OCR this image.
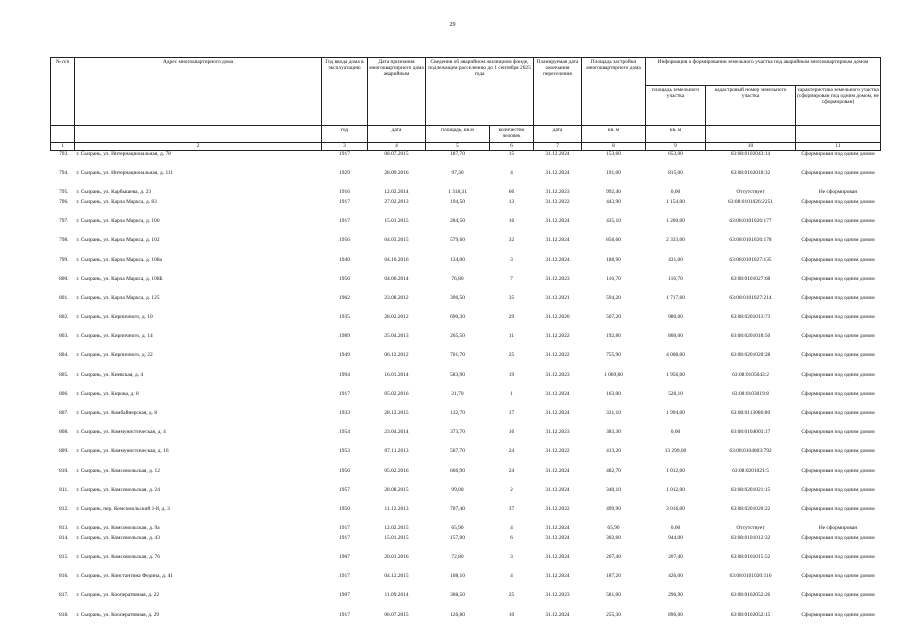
29
№ п/п	Адрес многоквартирного дома	Год ввода дома в эксплуатацию	Дата признания многоквартирного дома аварийным	Сведения об аварийном жилищном фонде, подлежащем расселению до 1 сентября 2025 года		Планируемая дата окончания переселения	Площадь застройки многоквартирного дома	Информация о формировании земельного участка под аварийным многоквартирным домом		
								площадь земельного участка	кадастровый номер земельного участка	характеристика земельного участка (сформирован под одним домом, не сформирован)
		год	дата	площадь, кв.м	количество человек	дата	кв. м	кв. м		
1	2	3	4	5	6	7	8	9	10	11
793.	г. Сызрань, ул. Интернациональная, д. 78	1917	08.07.2015	187,70	15	31.12.2024	153,60	653,00	63:08:0102043:14	Сформирован под одним домом
794.	г. Сызрань, ул. Интернациональная, д. 111	1929	28.09.2016	97,30	4	31.12.2024	191,00	815,00	63:08:0102018:32	Сформирован под одним домом
795.	г. Сызрань, ул. Карбышева, д. 23	1916	12.02.2014	1 318,31	66	31.12.2023	992,40	0,00	Отсутствует	Не сформирован
796.	г. Сызрань, ул. Карла Маркса, д. 83	1917	27.02.2013	194,50	13	31.12.2022	443,90	1 154,00	63:08:0101026:2251	Сформирован под одним домом
797.	г. Сызрань, ул. Карла Маркса, д. 100	1917	15.01.2015	284,50	16	31.12.2024	435,10	1 200,00	63:08:0101026:177	Сформирован под одним домом
798.	г. Сызрань, ул. Карла Маркса, д. 102	1956	04.03.2015	579,60	32	31.12.2024	856,60	2 333,00	63:08:0101026:178	Сформирован под одним домом
799.	г. Сызрань, ул. Карла Маркса, д. 108а	1940	04.10.2016	134,00	3	31.12.2024	188,90	431,00	63:08:0101027:135	Сформирован под одним домом
800.	г. Сызрань, ул. Карла Маркса, д. 108Б	1956	04.06.2014	76,80	7	31.12.2023	116,70	116,70	63:08:0101027:68	Сформирован под одним домом
801.	г. Сызрань, ул. Карла Маркса, д. 125	1962	23.08.2012	396,50	35	31.12.2021	594,20	1 717,60	63:08:0101027:214	Сформирован под одним домом
802.	г. Сызрань, ул. Кирпичного, д. 10	1935	28.02.2012	690,30	29	31.12.2020	507,20	980,00	63:08:0201013:73	Сформирован под одним домом
803.	г. Сызрань, ул. Кирпичного, д. 14	1989	25.04.2013	265,50	11	31.12.2022	192,80	800,00	63:08:0201018:50	Сформирован под одним домом
804.	г. Сызрань, ул. Кирпичного, д. 22	1949	06.12.2012	701,70	25	31.12.2022	755,90	4 008,00	63:08:0201020:28	Сформирован под одним домом
805.	г. Сызрань, ул. Киевская, д. 4	1994	16.01.2014	583,90	19	31.12.2023	1 069,80	1 956,00	63:08:0105043:2	Сформирован под одним домом
806.	г. Сызрань, ул. Кирова, д. 8	1917	05.02.2016	21,70	1	31.12.2024	163,00	528,10	63:08:0103019:8	Сформирован под одним домом
807.	г. Сызрань, ул. Комбайнерская, д. 8	1933	28.12.2015	132,70	17	31.12.2024	331,10	1 994,00	63:08:0113086:80	Сформирован под одним домом
808.	г. Сызрань, ул. Коммунистическая, д. 4	1954	23.04.2014	373,70	16	31.12.2023	383,30	0,00	63:08:0104003:17	Сформирован под одним домом
809.	г. Сызрань, ул. Коммунистическая, д. 16	1953	07.11.2013	567,70	24	31.12.2022	413,20	13 299,00	63:08:0104003:792	Сформирован под одним домом
810.	г. Сызрань, ул. Комсомольская, д. 12	1956	05.02.2016	666,90	24	31.12.2024	482,70	1 012,00	63:08:0201021:5	Сформирован под одним домом
811.	г. Сызрань, ул. Комсомольская, д. 24	1957	28.08.2015	99,00	2	31.12.2024	340,10	1 012,00	63:08:0201021:15	Сформирован под одним домом
812.	г. Сызрань, пер. Комсомольский 1-й, д. 3	1950	11.12.2013	707,40	37	31.12.2022	499,90	3 016,00	63:08:0201020:22	Сформирован под одним домом
813.	г. Сызрань, ул. Комсомольская, д. 9а	1917	12.02.2015	65,90	4	31.12.2024	65,90	0,00	Отсутствует	Не сформирован
814.	г. Сызрань, ул. Комсомольская, д. 43	1917	15.01.2015	157,00	6	31.12.2024	302,60	944,00	63:08:0101012:32	Сформирован под одним домом
815.	г. Сызрань, ул. Комсомольская, д. 76	1967	20.01.2016	72,80	3	31.12.2024	207,40	207,40	63:08:0101015:52	Сформирован под одним домом
816.	г. Сызрань, ул. Константина Федина, д. 41	1917	04.12.2015	108,10	4	31.12.2024	187,20	426,00	63:08:0101020:116	Сформирован под одним домом
817.	г. Сызрань, ул. Кооперативная, д. 22	1907	11.09.2014	308,50	25	31.12.2023	581,00	296,90	63:08:0102052:26	Сформирован под одним домом
818.	г. Сызрань, ул. Кооперативная, д. 29	1917	06.07.2015	126,80	10	31.12.2024	255,30	896,00	63:08:0102052:15	Сформирован под одним домом
